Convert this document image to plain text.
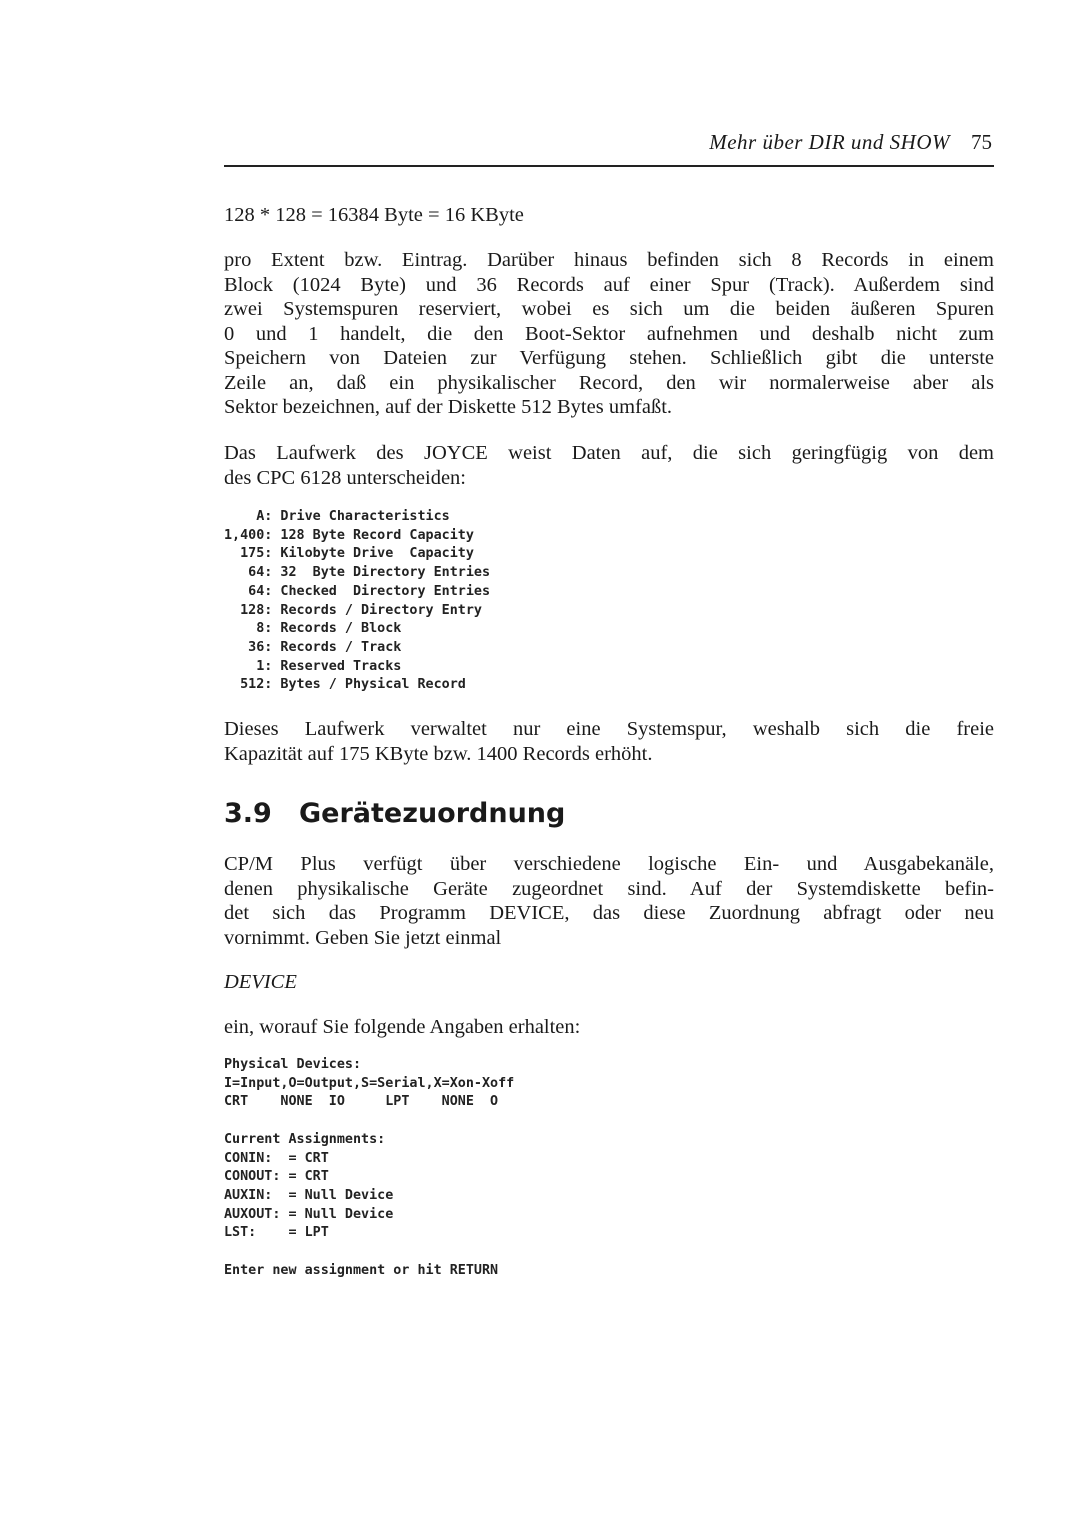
Mehr über DIR und SHOW 75
128 * 128 = 16384 Byte = 16 KByte
pro Extent bzw. Eintrag. Darüber hinaus befinden sich 8 Records in einem
Block (1024 Byte) und 36 Records auf einer Spur (Track). Außerdem sind
zwei Systemspuren reserviert, wobei es sich um die beiden äußeren Spuren
0 und 1 handelt, die den Boot-Sektor aufnehmen und deshalb nicht zum
Speichern von Dateien zur Verfügung stehen. Schließlich gibt die unterste
Zeile an, daß ein physikalischer Record, den wir normalerweise aber als
Sektor bezeichnen, auf der Diskette 512 Bytes umfaßt.
Das Laufwerk des JOYCE weist Daten auf, die sich geringfügig von dem
des CPC 6128 unterscheiden:
A: Drive Characteristics
1,400: 128 Byte Record Capacity
175: Kilobyte Drive  Capacity
64: 32  Byte Directory Entries
64: Checked  Directory Entries
128: Records / Directory Entry
8: Records / Block
36: Records / Track
1: Reserved Tracks
512: Bytes / Physical Record
Dieses Laufwerk verwaltet nur eine Systemspur, weshalb sich die freie
Kapazität auf 175 KByte bzw. 1400 Records erhöht.
3.9 Gerätezuordnung
CP/M Plus verfügt über verschiedene logische Ein- und Ausgabekanäle,
denen physikalische Geräte zugeordnet sind. Auf der Systemdiskette befin-
det sich das Programm DEVICE, das diese Zuordnung abfragt oder neu
vornimmt. Geben Sie jetzt einmal
DEVICE
ein, worauf Sie folgende Angaben erhalten:
Physical Devices:
I=Input,O=Output,S=Serial,X=Xon-Xoff
CRT    NONE  IO     LPT    NONE  O
Current Assignments:
CONIN:  = CRT
CONOUT: = CRT
AUXIN:  = Null Device
AUXOUT: = Null Device
LST:    = LPT
Enter new assignment or hit RETURN
